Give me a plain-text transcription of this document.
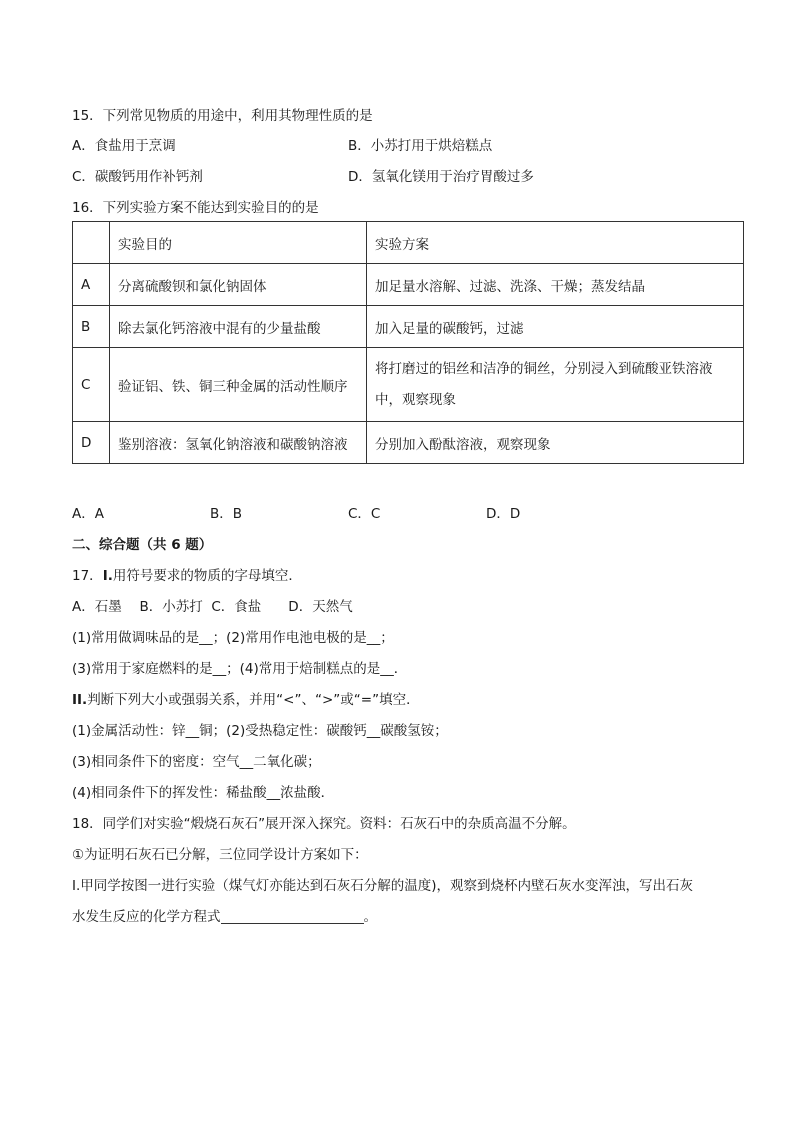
15．下列常见物质的用途中，利用其物理性质的是
A．食盐用于烹调	B．小苏打用于烘焙糕点
C．碳酸钙用作补钙剂	D．氢氧化镁用于治疗胃酸过多
16．下列实验方案不能达到实验目的的是
	实验目的	实验方案
A	分离硫酸钡和氯化钠固体	加足量水溶解、过滤、洗涤、干燥；蒸发结晶
B	除去氯化钙溶液中混有的少量盐酸	加入足量的碳酸钙，过滤
C	验证铝、铁、铜三种金属的活动性顺序	将打磨过的铝丝和洁净的铜丝，分别浸入到硫酸亚铁溶液
中，观察现象

D	鉴别溶液：氢氧化钠溶液和碳酸钠溶液	分别加入酚酞溶液，观察现象
A．A	B．B	C．C	D．D
二、综合题（共 6 题）
17．I.用符号要求的物质的字母填空．
A．石墨　 B．小苏打  C．食盐　　D．天然气
(1)常用做调味品的是__；(2)常用作电池电极的是__；
(3)常用于家庭燃料的是__；(4)常用于焙制糕点的是__．
II.判断下列大小或强弱关系，并用“<”、“>”或“=”填空．
(1)金属活动性：锌__铜；(2)受热稳定性：碳酸钙__碳酸氢铵；
(3)相同条件下的密度：空气__二氧化碳；
(4)相同条件下的挥发性：稀盐酸__浓盐酸．
18．同学们对实验“煅烧石灰石”展开深入探究。资料：石灰石中的杂质高温不分解。
①为证明石灰石已分解，三位同学设计方案如下：
I.甲同学按图一进行实验（煤气灯亦能达到石灰石分解的温度)，观察到烧杯内壁石灰水变浑浊，写出石灰
水发生反应的化学方程式	。
